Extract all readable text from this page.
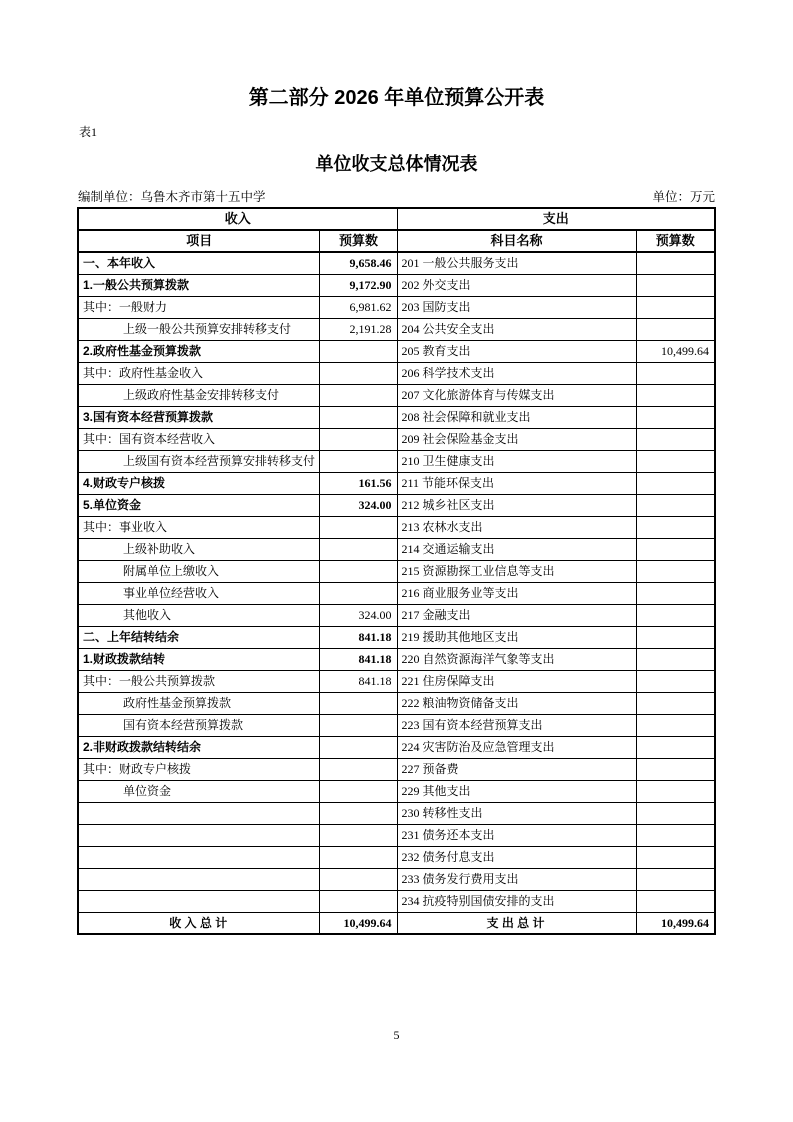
第二部分 2026 年单位预算公开表
表1
单位收支总体情况表
编制单位：乌鲁木齐市第十五中学	单位：万元
收入		支出	
项目	预算数	科目名称	预算数
一、本年收入	9,658.46	201 一般公共服务支出	
1.一般公共预算拨款	9,172.90	202 外交支出	
其中：一般财力	6,981.62	203 国防支出	
上级一般公共预算安排转移支付	2,191.28	204 公共安全支出	
2.政府性基金预算拨款		205 教育支出	10,499.64
其中：政府性基金收入		206 科学技术支出	
上级政府性基金安排转移支付		207 文化旅游体育与传媒支出	
3.国有资本经营预算拨款		208 社会保障和就业支出	
其中：国有资本经营收入		209 社会保险基金支出	
上级国有资本经营预算安排转移支付		210 卫生健康支出	
4.财政专户核拨	161.56	211 节能环保支出	
5.单位资金	324.00	212 城乡社区支出	
其中：事业收入		213 农林水支出	
上级补助收入		214 交通运输支出	
附属单位上缴收入		215 资源勘探工业信息等支出	
事业单位经营收入		216 商业服务业等支出	
其他收入	324.00	217 金融支出	
二、上年结转结余	841.18	219 援助其他地区支出	
1.财政拨款结转	841.18	220 自然资源海洋气象等支出	
其中：一般公共预算拨款	841.18	221 住房保障支出	
政府性基金预算拨款		222 粮油物资储备支出	
国有资本经营预算拨款		223 国有资本经营预算支出	
2.非财政拨款结转结余		224 灾害防治及应急管理支出	
其中：财政专户核拨		227 预备费	
单位资金		229 其他支出	
		230 转移性支出	
		231 债务还本支出	
		232 债务付息支出	
		233 债务发行费用支出	
		234 抗疫特别国债安排的支出	
收 入 总 计	10,499.64	支 出 总 计	10,499.64
5
